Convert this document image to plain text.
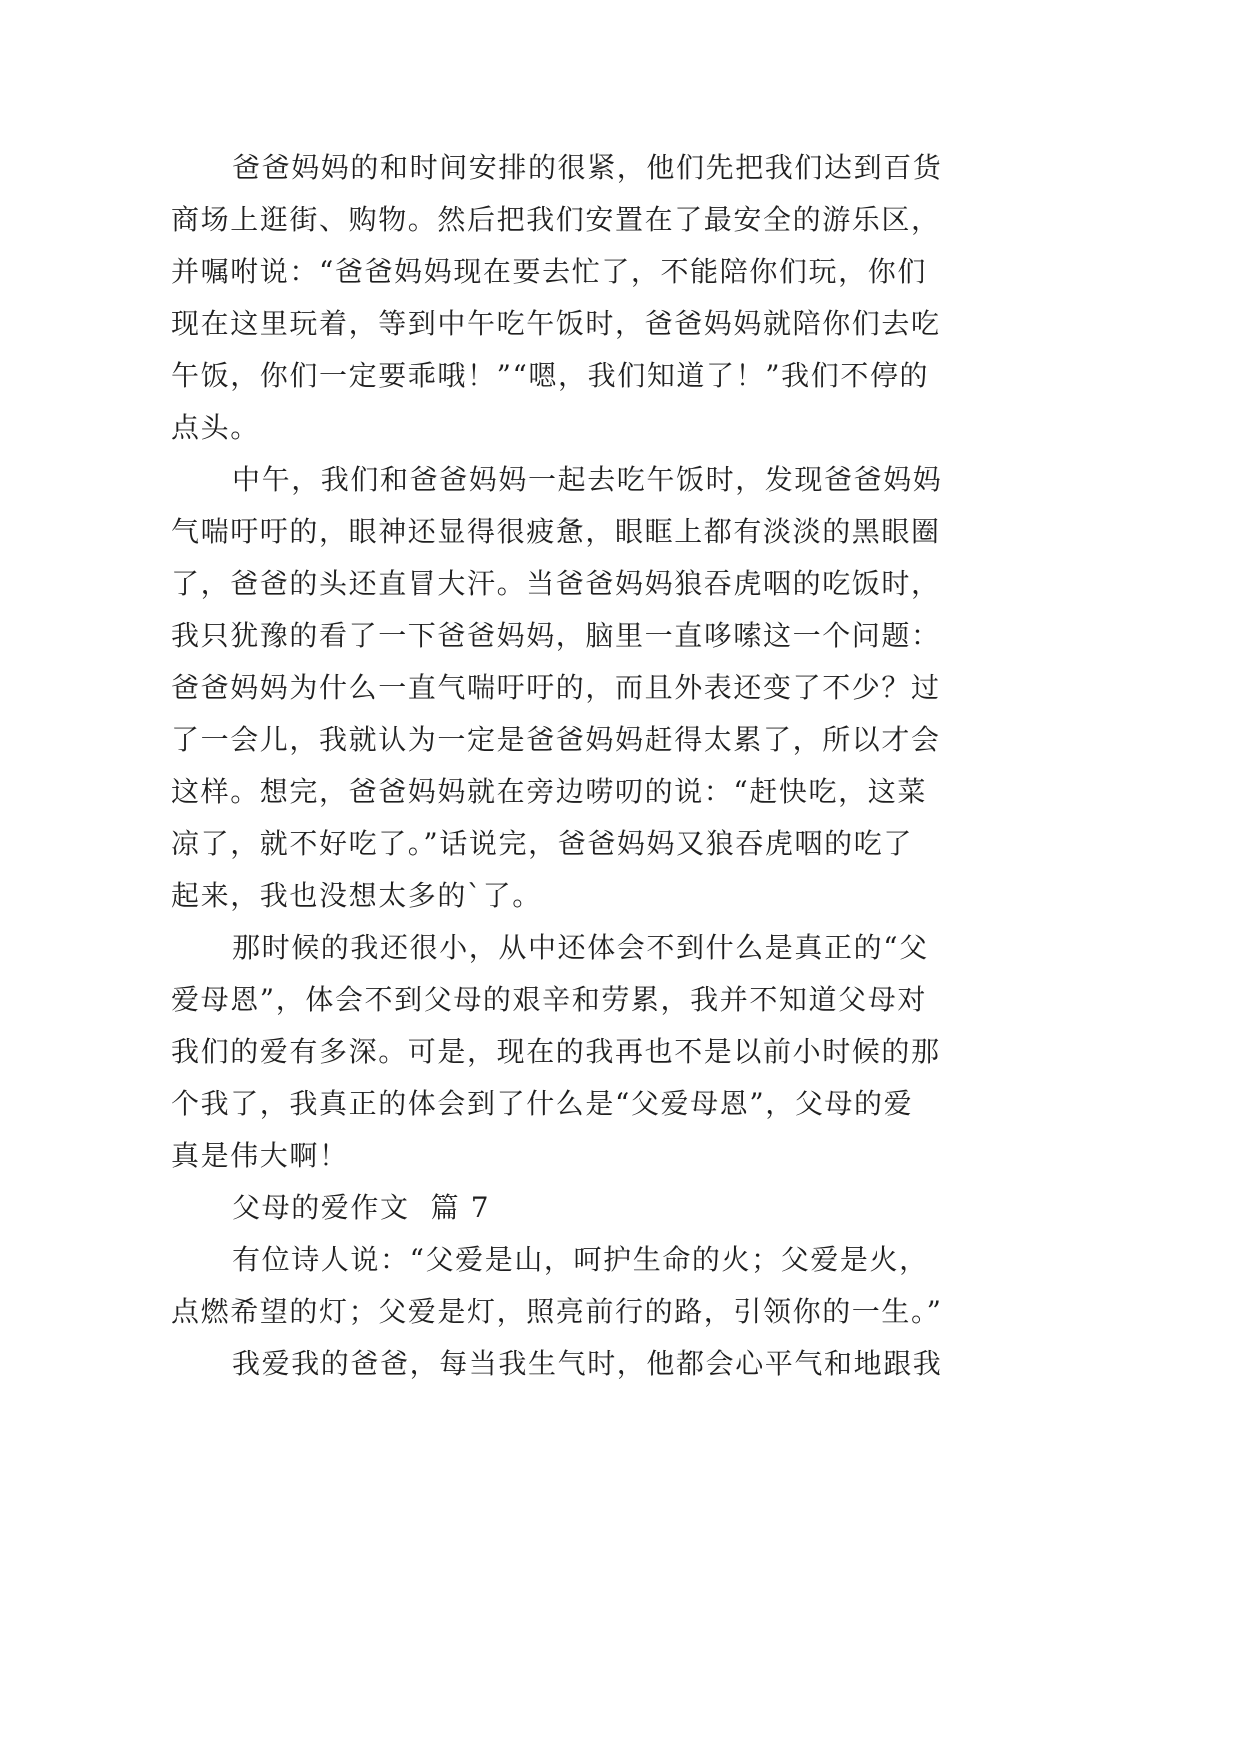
爸爸妈妈的和时间安排的很紧，他们先把我们达到百货
商场上逛街、购物。然后把我们安置在了最安全的游乐区，
并嘱咐说：“爸爸妈妈现在要去忙了，不能陪你们玩，你们
现在这里玩着，等到中午吃午饭时，爸爸妈妈就陪你们去吃
午饭，你们一定要乖哦！”“嗯，我们知道了！”我们不停的
点头。
中午，我们和爸爸妈妈一起去吃午饭时，发现爸爸妈妈
气喘吁吁的，眼神还显得很疲惫，眼眶上都有淡淡的黑眼圈
了，爸爸的头还直冒大汗。当爸爸妈妈狼吞虎咽的吃饭时，
我只犹豫的看了一下爸爸妈妈，脑里一直哆嗦这一个问题：
爸爸妈妈为什么一直气喘吁吁的，而且外表还变了不少？过
了一会儿，我就认为一定是爸爸妈妈赶得太累了，所以才会
这样。想完，爸爸妈妈就在旁边唠叨的说：“赶快吃，这菜
凉了，就不好吃了。”话说完，爸爸妈妈又狼吞虎咽的吃了
起来，我也没想太多的`了。
那时候的我还很小，从中还体会不到什么是真正的“父
爱母恩”，体会不到父母的艰辛和劳累，我并不知道父母对
我们的爱有多深。可是，现在的我再也不是以前小时候的那
个我了，我真正的体会到了什么是“父爱母恩”，父母的爱
真是伟大啊！
父母的爱作文  篇 7
有位诗人说：“父爱是山，呵护生命的火；父爱是火，
点燃希望的灯；父爱是灯，照亮前行的路，引领你的一生。”
我爱我的爸爸，每当我生气时，他都会心平气和地跟我
